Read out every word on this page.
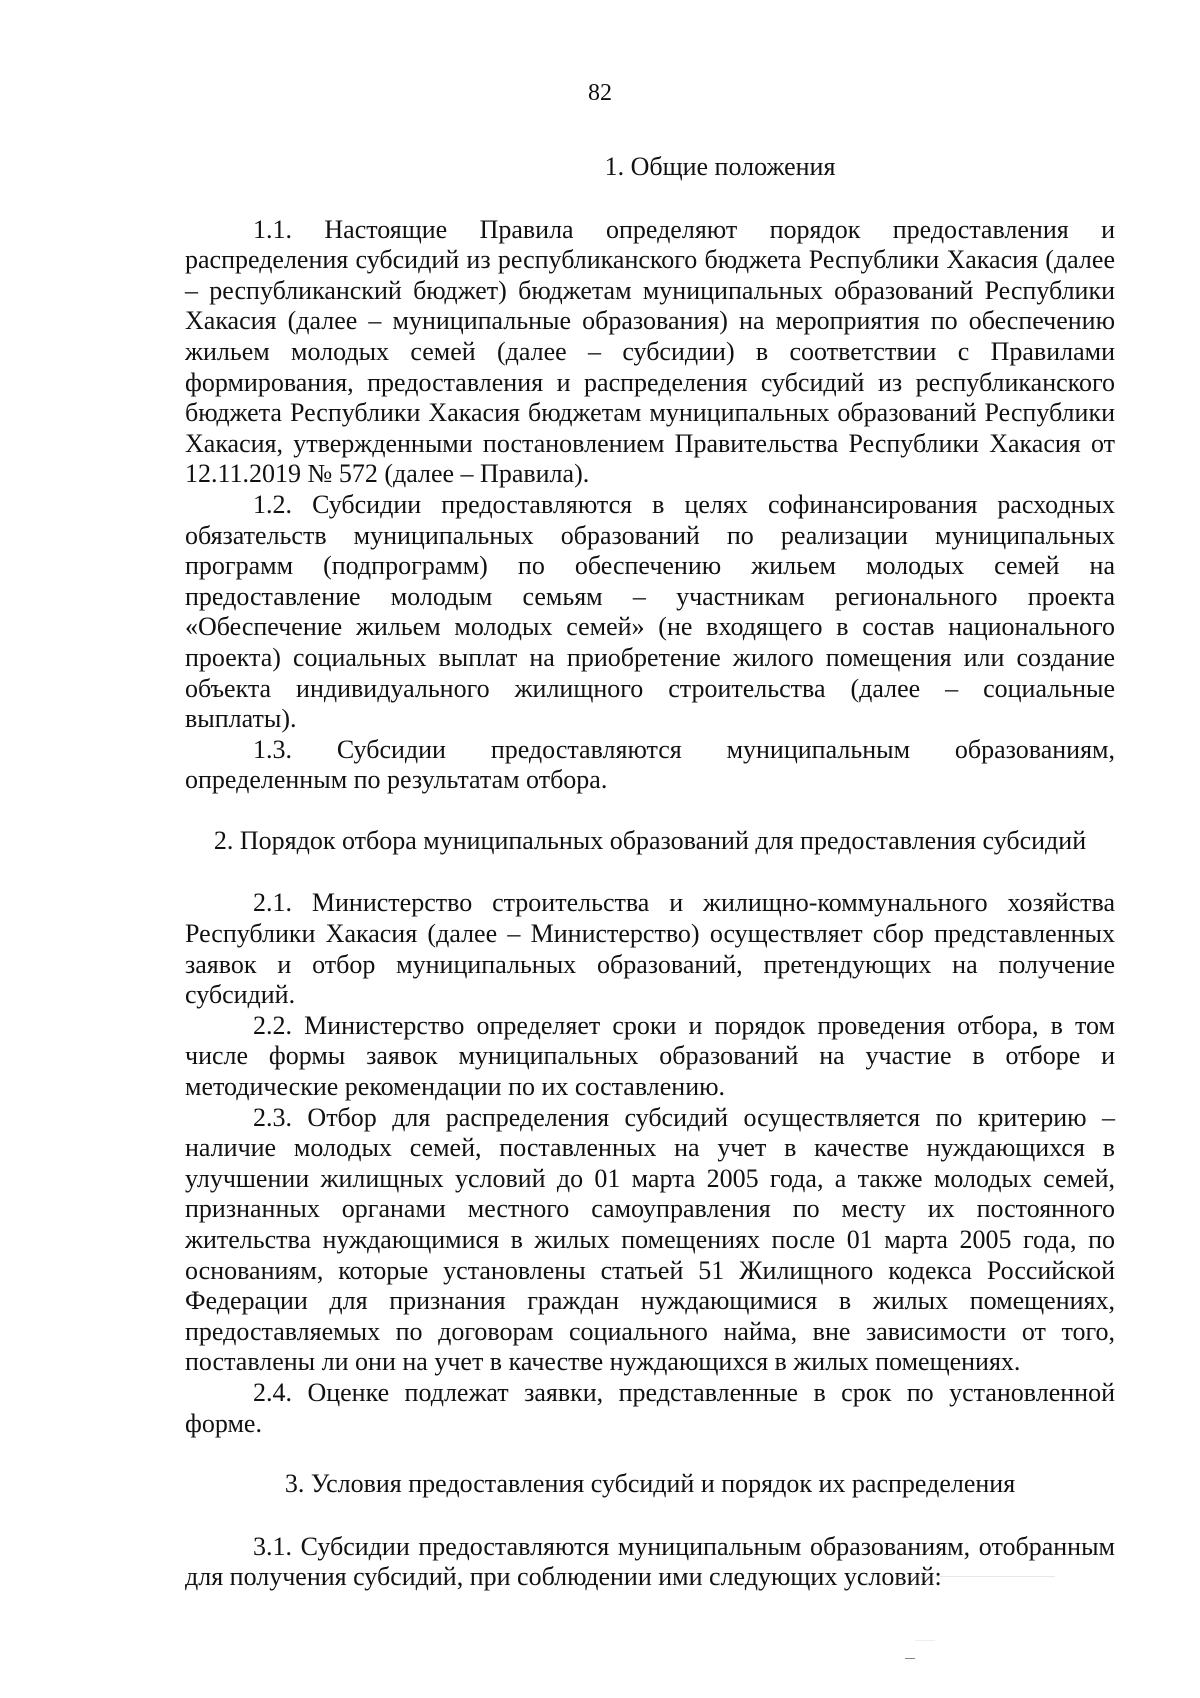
82
1. Общие положения

1.1. Настоящие Правила определяют порядок предоставления и распределения субсидий из республиканского бюджета Республики Хакасия (далее – республиканский бюджет) бюджетам муниципальных образований Республики Хакасия (далее – муниципальные образования) на мероприятия по обеспечению жильем молодых семей (далее – субсидии) в соответствии с Правилами формирования, предоставления и распределения субсидий из республиканского бюджета Республики Хакасия бюджетам муниципальных образований Республики Хакасия, утвержденными постановлением Правительства Республики Хакасия от 12.11.2019 № 572 (далее – Правила).

1.2. Субсидии предоставляются в целях софинансирования расходных обязательств муниципальных образований по реализации муниципальных программ (подпрограмм) по обеспечению жильем молодых семей на предоставление молодым семьям – участникам регионального проекта «Обеспечение жильем молодых семей» (не входящего в состав национального проекта) социальных выплат на приобретение жилого помещения или создание объекта индивидуального жилищного строительства (далее – социальные выплаты).

1.3. Субсидии предоставляются муниципальным образованиям, определенным по результатам отбора.

2. Порядок отбора муниципальных образований для предоставления субсидий

2.1. Министерство строительства и жилищно-коммунального хозяйства Республики Хакасия (далее – Министерство) осуществляет сбор представленных заявок и отбор муниципальных образований, претендующих на получение субсидий.

2.2. Министерство определяет сроки и порядок проведения отбора, в том числе формы заявок муниципальных образований на участие в отборе и методические рекомендации по их составлению.

2.3. Отбор для распределения субсидий осуществляется по критерию – наличие молодых семей, поставленных на учет в качестве нуждающихся в улучшении жилищных условий до 01 марта 2005 года, а также молодых семей, признанных органами местного самоуправления по месту их постоянного жительства нуждающимися в жилых помещениях после 01 марта 2005 года, по основаниям, которые установлены статьей 51 Жилищного кодекса Российской Федерации для признания граждан нуждающимися в жилых помещениях, предоставляемых по договорам социального найма, вне зависимости от того, поставлены ли они на учет в качестве нуждающихся в жилых помещениях.

2.4. Оценке подлежат заявки, представленные в срок по установленной форме.

3. Условия предоставления субсидий и порядок их распределения

3.1. Субсидии предоставляются муниципальным образованиям, отобранным для получения субсидий, при соблюдении ими следующих условий:
